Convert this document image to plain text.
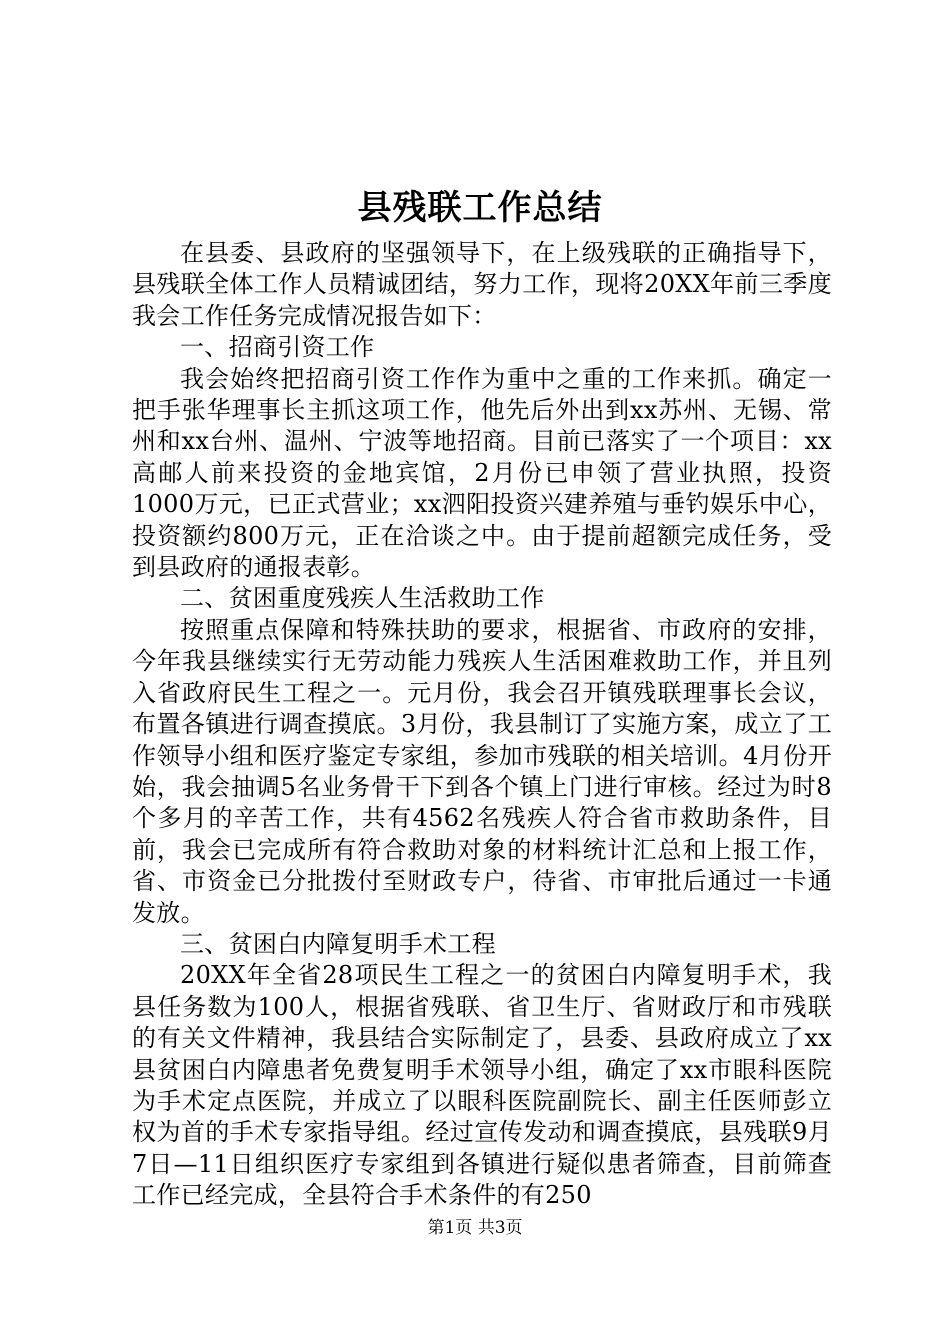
县残联工作总结

在县委、县政府的坚强领导下，在上级残联的正确指导下，县残联全体工作人员精诚团结，努力工作，现将20XX年前三季度我会工作任务完成情况报告如下：

一、招商引资工作

我会始终把招商引资工作作为重中之重的工作来抓。确定一把手张华理事长主抓这项工作，他先后外出到xx苏州、无锡、常州和xx台州、温州、宁波等地招商。目前已落实了一个项目：xx高邮人前来投资的金地宾馆，2月份已申领了营业执照，投资1000万元，已正式营业；xx泗阳投资兴建养殖与垂钓娱乐中心，投资额约800万元，正在洽谈之中。由于提前超额完成任务，受到县政府的通报表彰。

二、贫困重度残疾人生活救助工作

按照重点保障和特殊扶助的要求，根据省、市政府的安排，今年我县继续实行无劳动能力残疾人生活困难救助工作，并且列入省政府民生工程之一。元月份，我会召开镇残联理事长会议，布置各镇进行调查摸底。3月份，我县制订了实施方案，成立了工作领导小组和医疗鉴定专家组，参加市残联的相关培训。4月份开始，我会抽调5名业务骨干下到各个镇上门进行审核。经过为时8个多月的辛苦工作，共有4562名残疾人符合省市救助条件，目前，我会已完成所有符合救助对象的材料统计汇总和上报工作，省、市资金已分批拨付至财政专户，待省、市审批后通过一卡通发放。

三、贫困白内障复明手术工程

20XX年全省28项民生工程之一的贫困白内障复明手术，我县任务数为100人，根据省残联、省卫生厅、省财政厅和市残联的有关文件精神，我县结合实际制定了，县委、县政府成立了xx县贫困白内障患者免费复明手术领导小组，确定了xx市眼科医院为手术定点医院，并成立了以眼科医院副院长、副主任医师彭立权为首的手术专家指导组。经过宣传发动和调查摸底，县残联9月7日—11日组织医疗专家组到各镇进行疑似患者筛查，目前筛查工作已经完成，全县符合手术条件的有250

第1页 共3页
